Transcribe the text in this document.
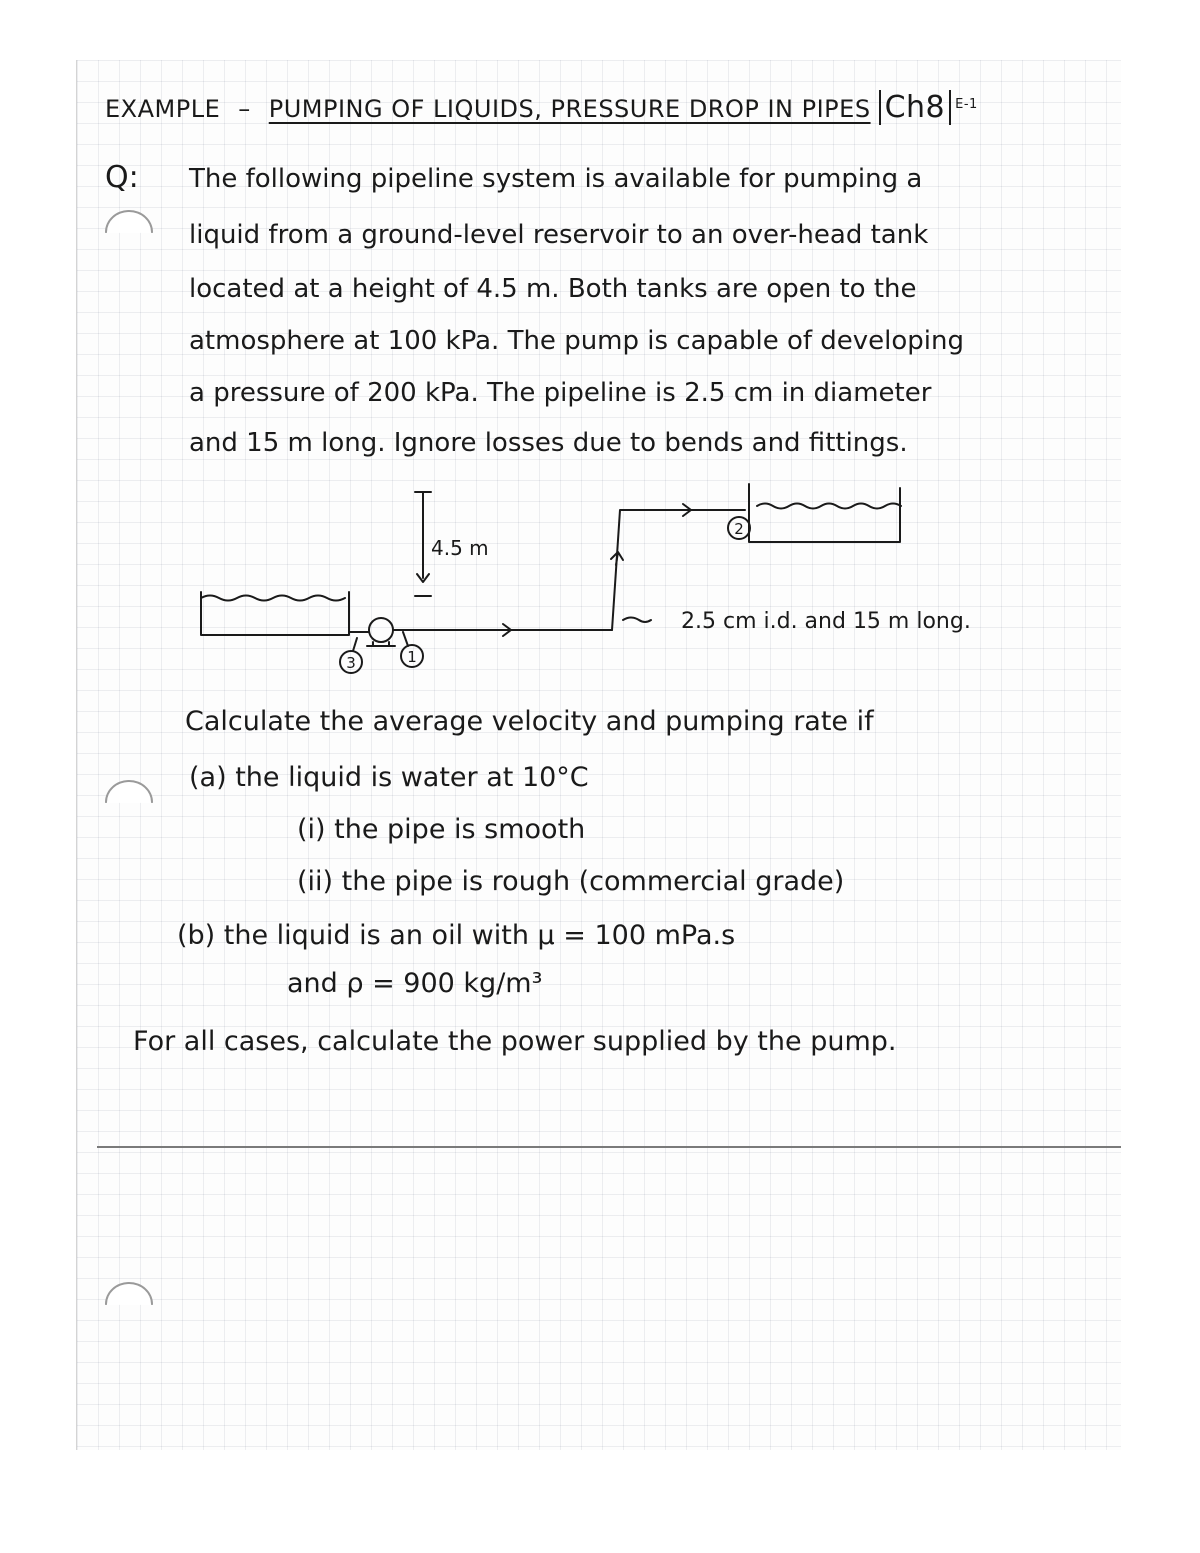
EXAMPLE – PUMPING OF LIQUIDS, PRESSURE DROP IN PIPES Ch8 $^{E-1}$
Q: The following pipeline system is available for pumping a
liquid from a ground-level reservoir to an over-head tank
located at a height of 4.5 m. Both tanks are open to the
atmosphere at 100 kPa. The pump is capable of developing
a pressure of 200 kPa. The pipeline is 2.5 cm in diameter
and 15 m long. Ignore losses due to bends and fittings.
4.5 m
1
2
3
2.5 cm i.d. and 15 m long.
Calculate the average velocity and pumping rate if
(a) the liquid is water at 10°C
(i) the pipe is smooth
(ii) the pipe is rough (commercial grade)
(b) the liquid is an oil with μ = 100 mPa.s
and ρ = 900 kg/m³
For all cases, calculate the power supplied by the pump.
